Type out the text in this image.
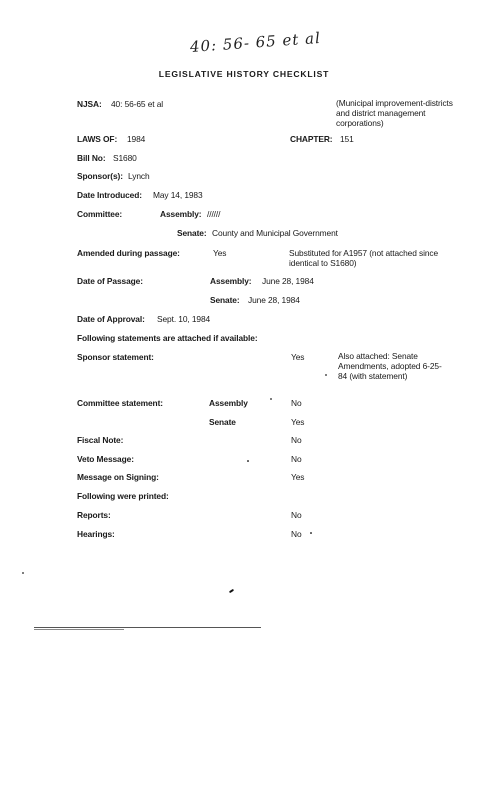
40: 56- 65 et al
LEGISLATIVE HISTORY CHECKLIST
NJSA: 40: 56-65 et al	(Municipal improvement-districts and district management corporations)
LAWS OF: 1984	CHAPTER: 151
Bill No: S1680
Sponsor(s): Lynch
Date Introduced: May 14, 1983
Committee:	Assembly: //////
Senate: County and Municipal Government
Amended during passage:	Yes	Substituted for A1957 (not attached since identical to S1680)
Date of Passage:	Assembly: June 28, 1984
Senate: June 28, 1984
Date of Approval: Sept. 10, 1984
Following statements are attached if available:
Sponsor statement:	Yes	Also attached: Senate Amendments, adopted 6-25-84 (with statement)
Committee statement:	Assembly	No
Senate	Yes
Fiscal Note:	No
Veto Message:	No
Message on Signing:	Yes
Following were printed:
Reports:	No
Hearings:	No
